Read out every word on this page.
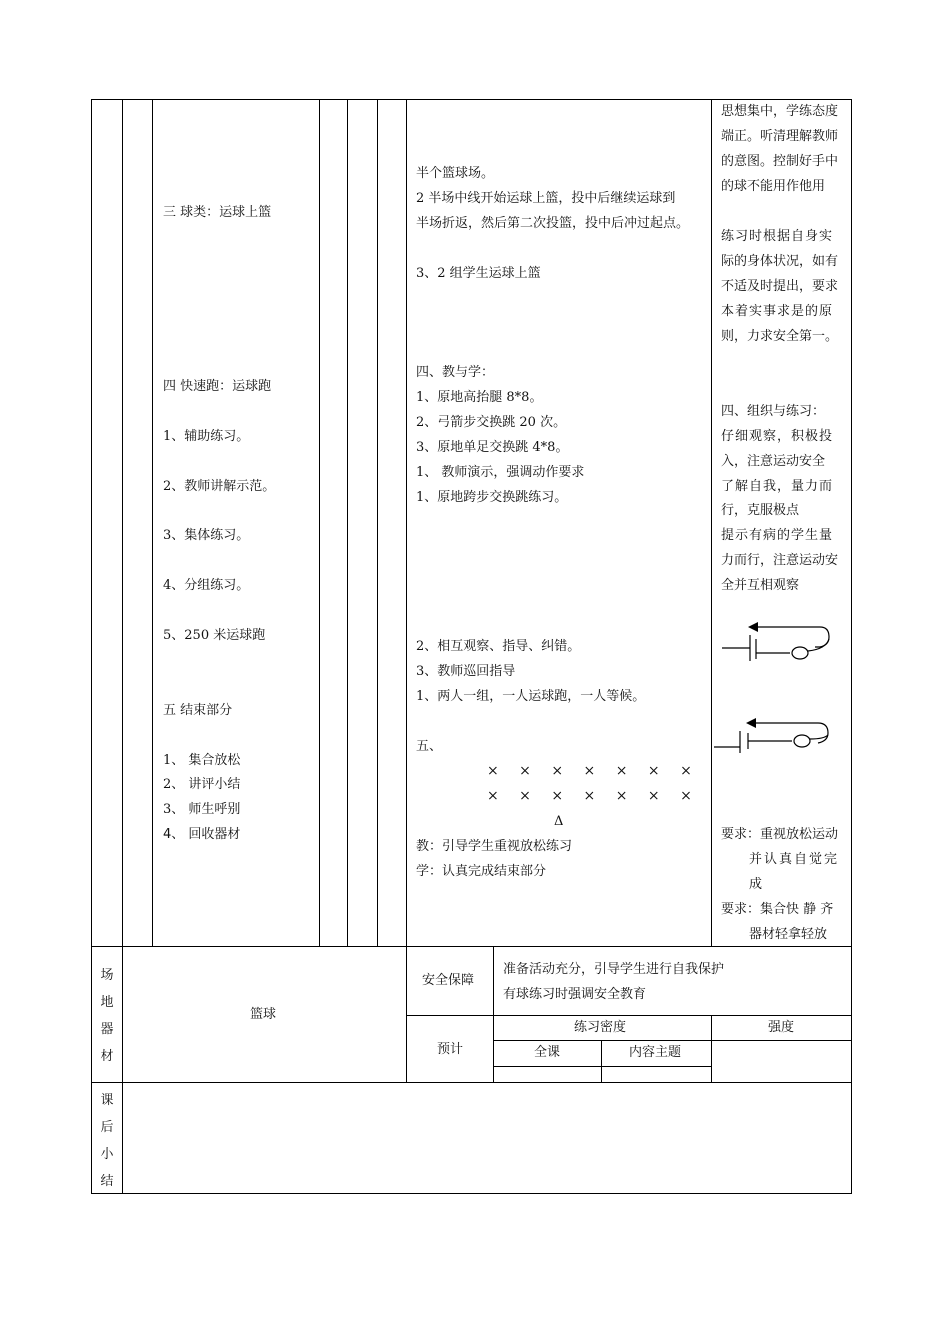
三 球类：运球上篮
四 快速跑：运球跑
1、辅助练习。
2、教师讲解示范。
3、集体练习。
4、分组练习。
5、250 米运球跑
五 结束部分
1、 集合放松
2、 讲评小结
3、 师生呼别
4、 回收器材
半个篮球场。
2 半场中线开始运球上篮，投中后继续运球到
半场折返，然后第二次投篮，投中后冲过起点。
3、2 组学生运球上篮
四、教与学：
1、原地高抬腿 8*8。
2、弓箭步交换跳 20 次。
3、原地单足交换跳 4*8。
1、 教师演示，强调动作要求
1、原地跨步交换跳练习。
2、相互观察、指导、纠错。
3、教师巡回指导
1、两人一组，一人运球跑，一人等候。
五、
× × × × × × ×
× × × × × × ×
Δ
教：引导学生重视放松练习
学：认真完成结束部分
思想集中，学练态度
端正。听清理解教师
的意图。控制好手中
的球不能用作他用
练习时根据自身实
际的身体状况，如有
不适及时提出，要求
本着实事求是的原
则，力求安全第一。
四、组织与练习：
仔细观察，积极投
入，注意运动安全
了解自我，量力而
行，克服极点
提示有病的学生量
力而行，注意运动安
全并互相观察
要求：重视放松运动
并认真自觉完
成
要求：集合快 静 齐
器材轻拿轻放
场
地
器
材
篮球
安全保障
准备活动充分，引导学生进行自我保护
有球练习时强调安全教育
预计
练习密度	强度
全课	内容主题
课
后
小
结
